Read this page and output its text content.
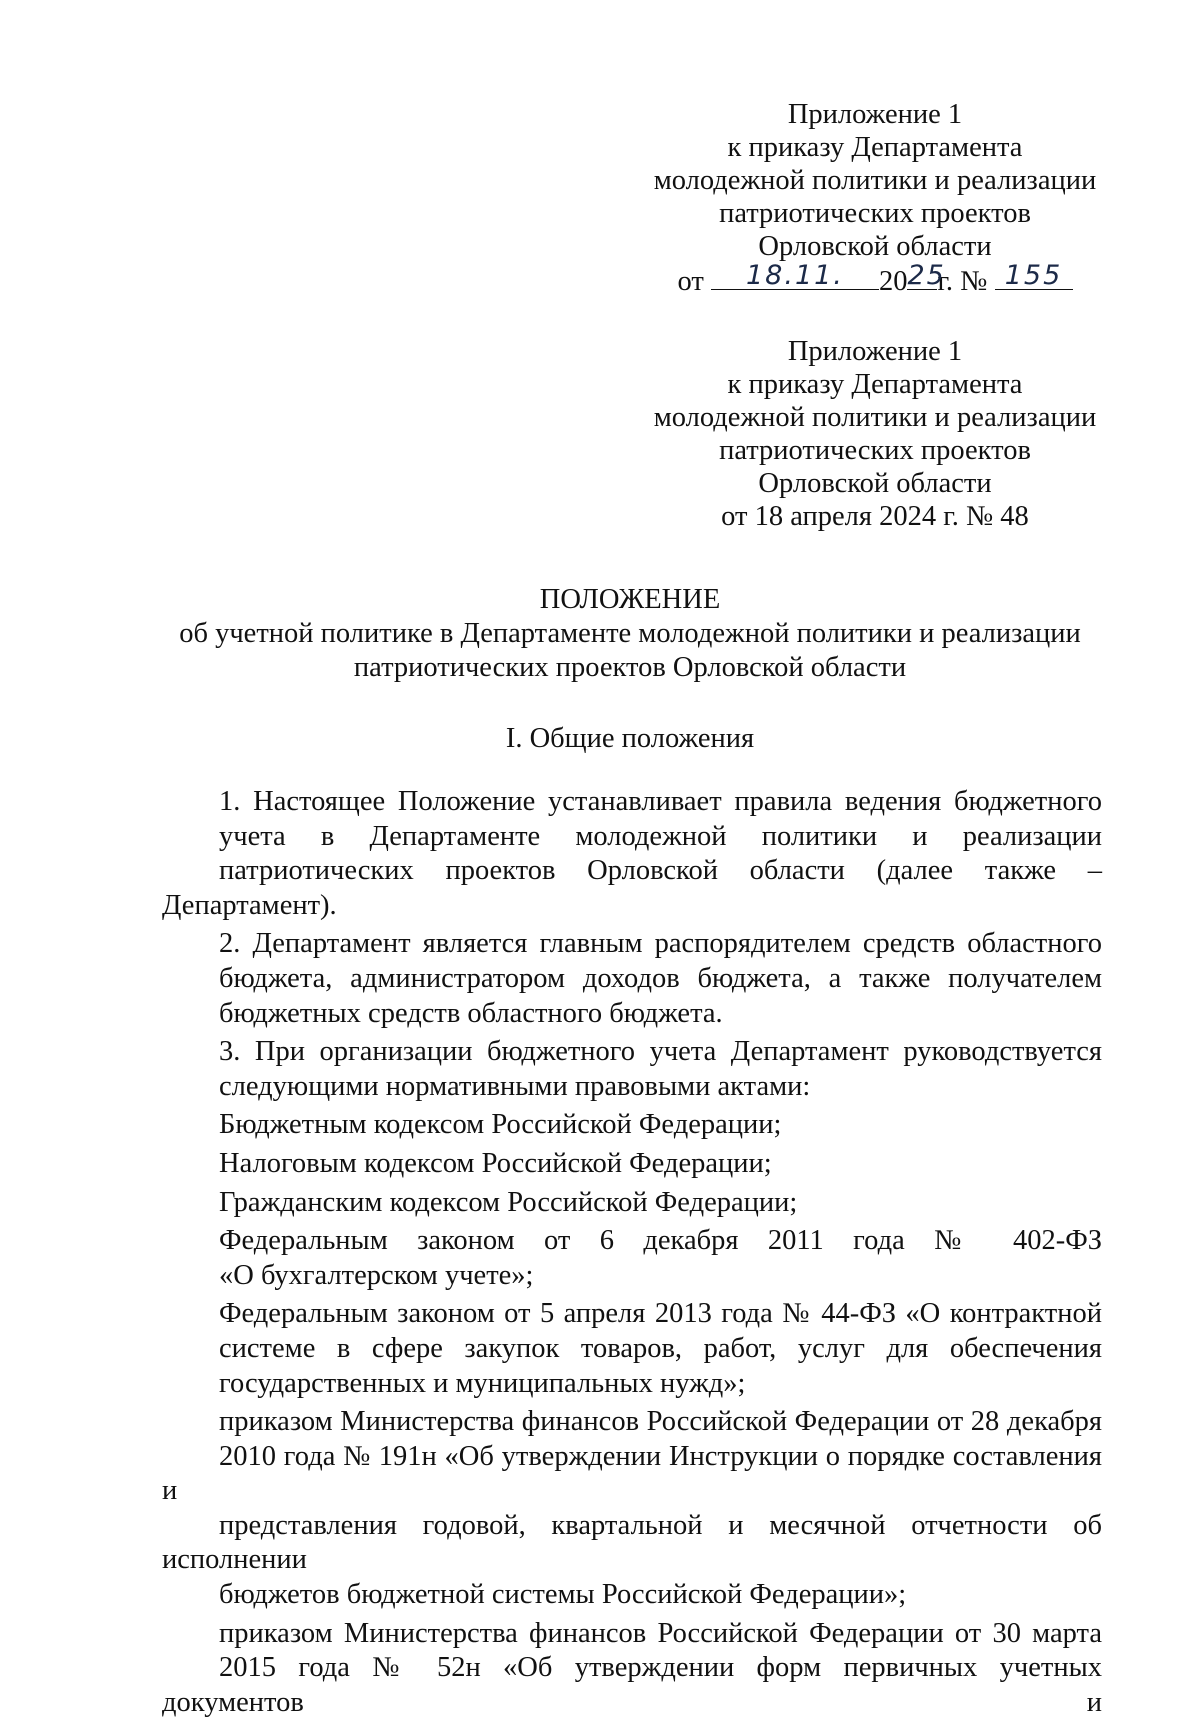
Приложение 1
к приказу Департамента
молодежной политики и реализации
патриотических проектов
Орловской области
от	18.11.	20 25
г. № 155
Приложение 1
к приказу Департамента
молодежной политики и реализации
патриотических проектов
Орловской области
от 18 апреля 2024 г. № 48
ПОЛОЖЕНИЕ
об учетной политике в Департаменте молодежной политики и реализации
патриотических проектов Орловской области
I. Общие положения

1. Настоящее Положение устанавливает правила ведения бюджетного
учета в Департаменте молодежной политики и реализации
патриотических проектов Орловской области (далее также – Департамент).

2. Департамент является главным распорядителем средств областного
бюджета, администратором доходов бюджета, а также получателем
бюджетных средств областного бюджета.

3. При организации бюджетного учета Департамент руководствуется
следующими нормативными правовыми актами:

Бюджетным кодексом Российской Федерации;

Налоговым кодексом Российской Федерации;

Гражданским кодексом Российской Федерации;

Федеральным законом от 6 декабря 2011 года № 402-ФЗ
«О бухгалтерском учете»;

Федеральным законом от 5 апреля 2013 года № 44-ФЗ «О контрактной
системе в сфере закупок товаров, работ, услуг для обеспечения
государственных и муниципальных нужд»;

приказом Министерства финансов Российской Федерации от 28 декабря
2010 года № 191н «Об утверждении Инструкции о порядке составления и
представления годовой, квартальной и месячной отчетности об исполнении
бюджетов бюджетной системы Российской Федерации»;

приказом Министерства финансов Российской Федерации от 30 марта
2015 года № 52н «Об утверждении форм первичных учетных документов и
